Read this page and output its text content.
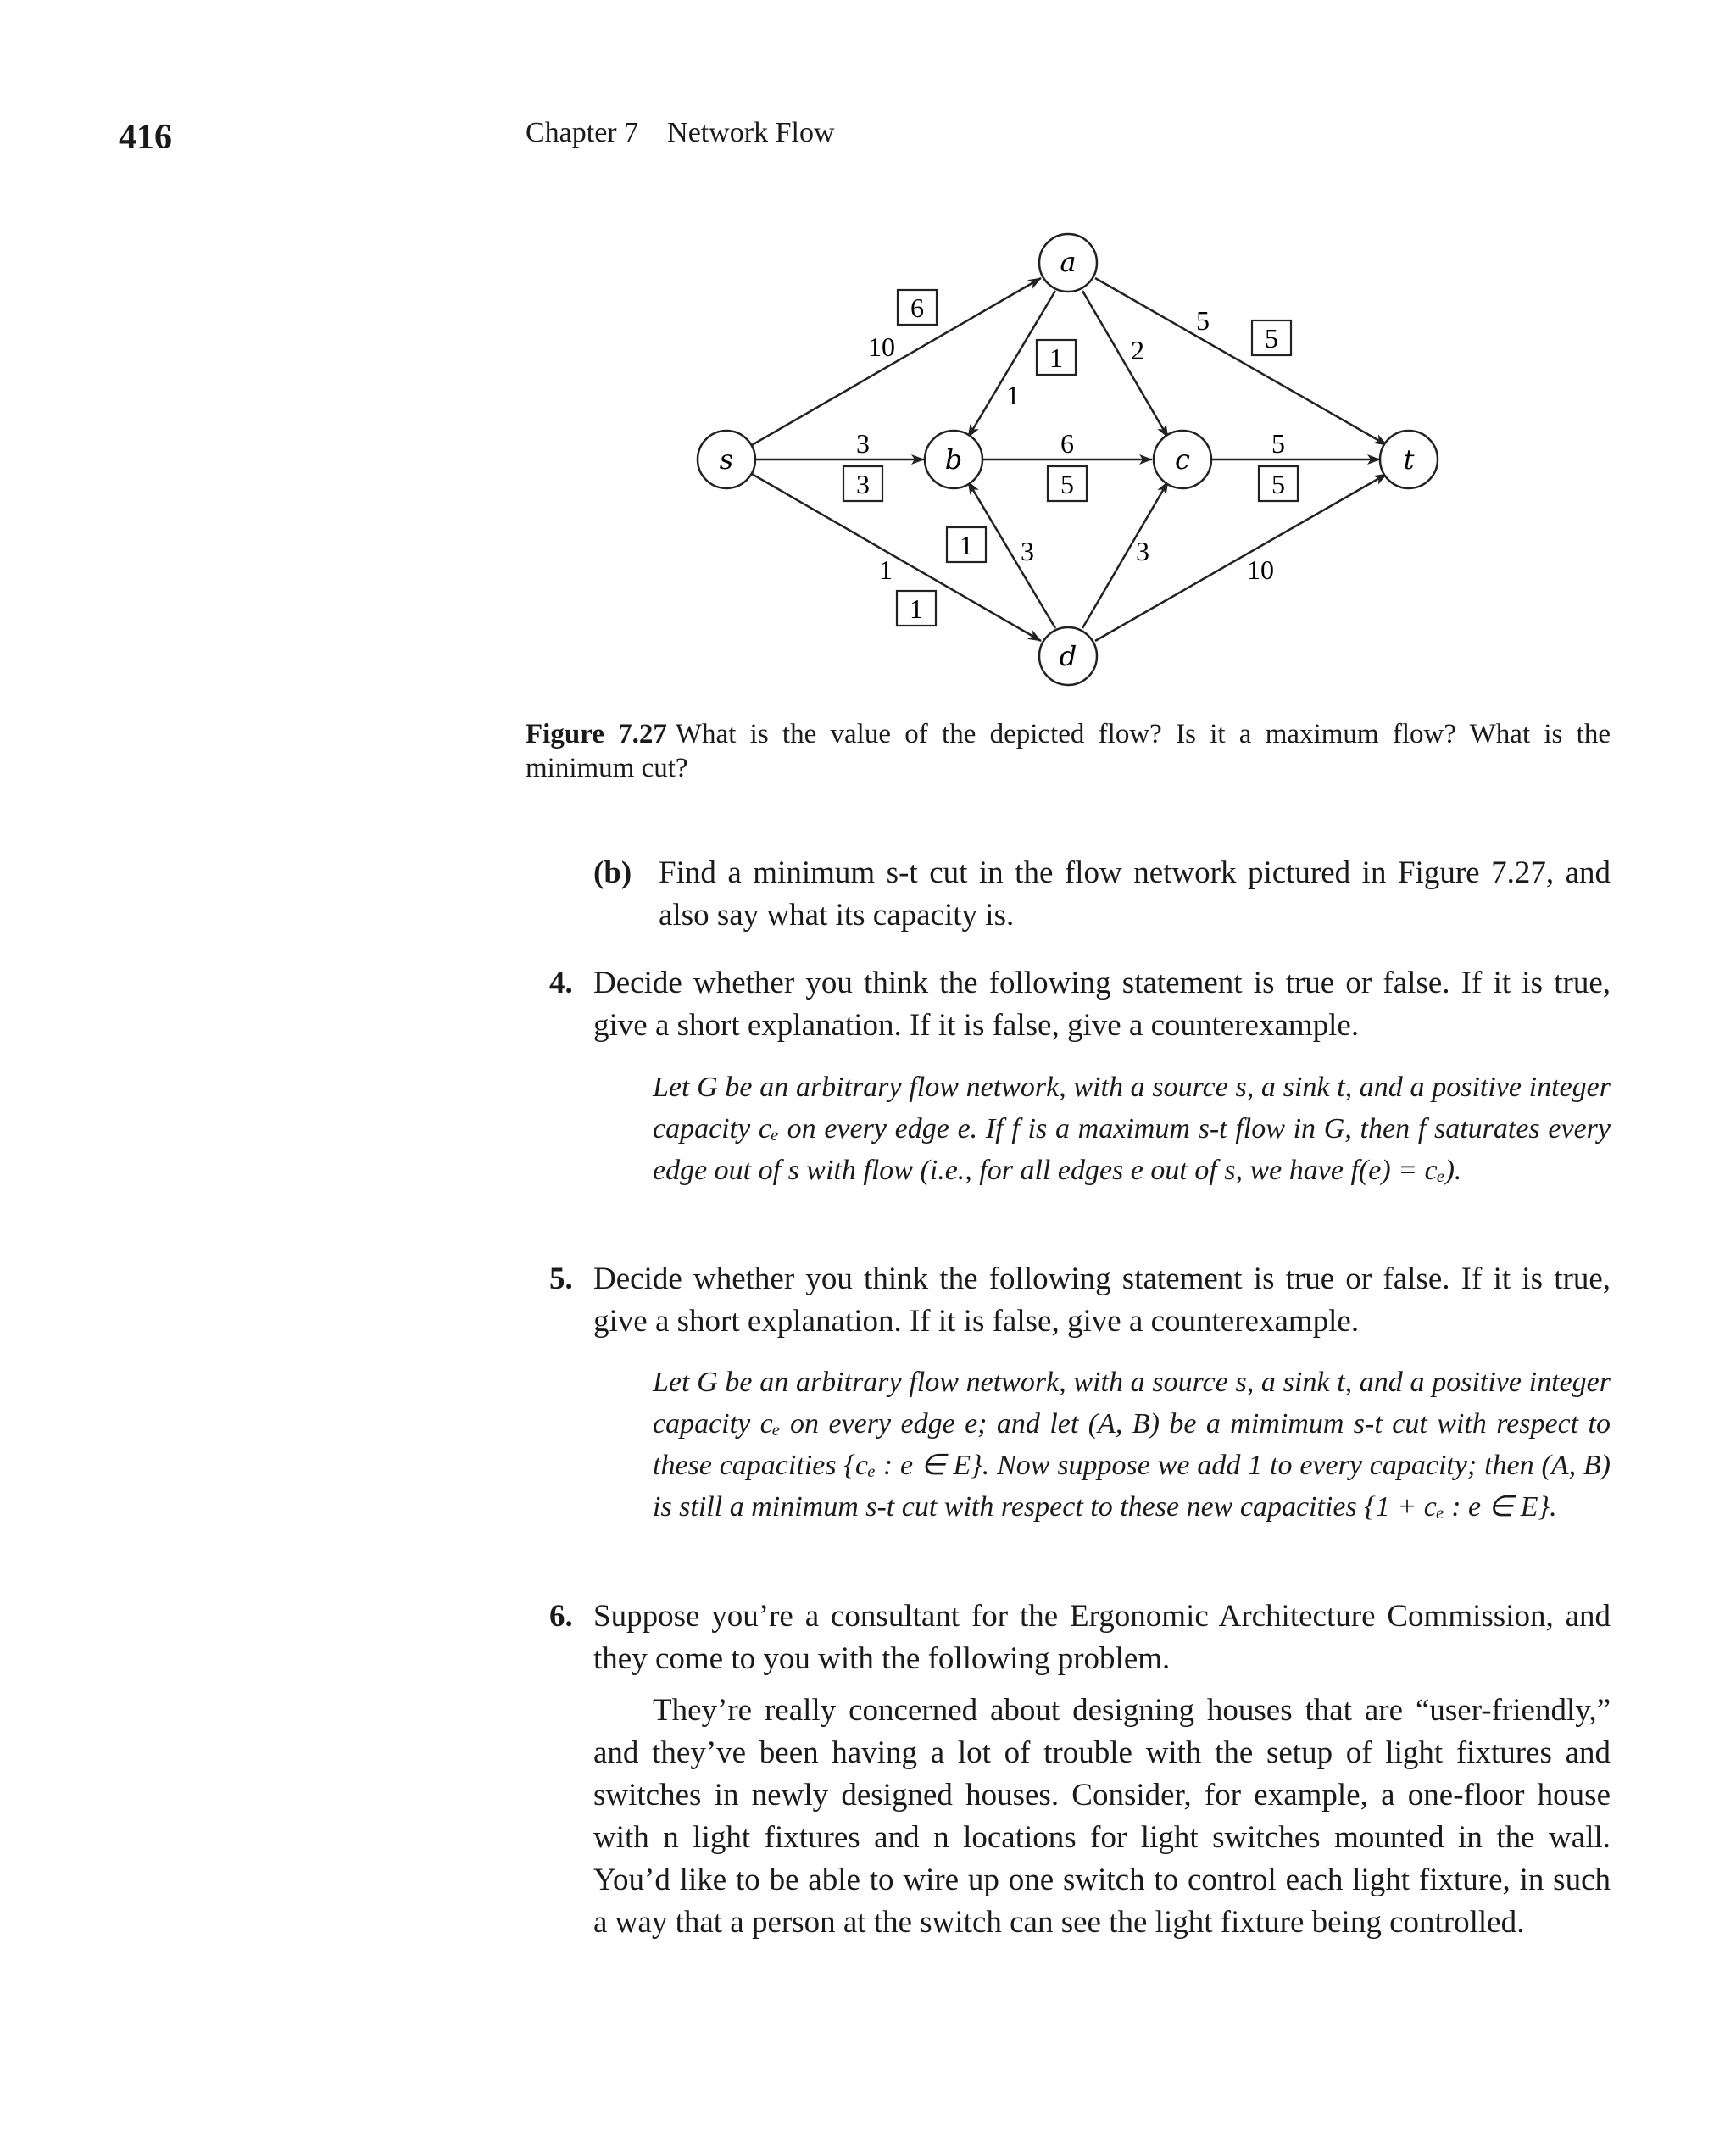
416	Chapter 7 Network Flow
s
a
b	c
d
t
10
3
1
1
2
5
6
3	3
5
10
6
3
1
1
5
5
1
5
Figure 7.27 What is the value of the depicted flow? Is it a maximum flow? What is the minimum cut?
(b) Find a minimum s-t cut in the flow network pictured in Figure 7.27, and also say what its capacity is.
4. Decide whether you think the following statement is true or false. If it is true, give a short explanation. If it is false, give a counterexample.
Let G be an arbitrary flow network, with a source s, a sink t, and a positive integer capacity cₑ on every edge e. If f is a maximum s-t flow in G, then f saturates every edge out of s with flow (i.e., for all edges e out of s, we have f(e) = cₑ).
5. Decide whether you think the following statement is true or false. If it is true, give a short explanation. If it is false, give a counterexample.
Let G be an arbitrary flow network, with a source s, a sink t, and a positive integer capacity cₑ on every edge e; and let (A, B) be a mimimum s-t cut with respect to these capacities {cₑ : e ∈ E}. Now suppose we add 1 to every capacity; then (A, B) is still a minimum s-t cut with respect to these new capacities {1 + cₑ : e ∈ E}.
6. Suppose you’re a consultant for the Ergonomic Architecture Commission, and they come to you with the following problem.
They’re really concerned about designing houses that are “user-friendly,” and they’ve been having a lot of trouble with the setup of light fixtures and switches in newly designed houses. Consider, for example, a one-floor house with n light fixtures and n locations for light switches mounted in the wall. You’d like to be able to wire up one switch to control each light fixture, in such a way that a person at the switch can see the light fixture being controlled.
